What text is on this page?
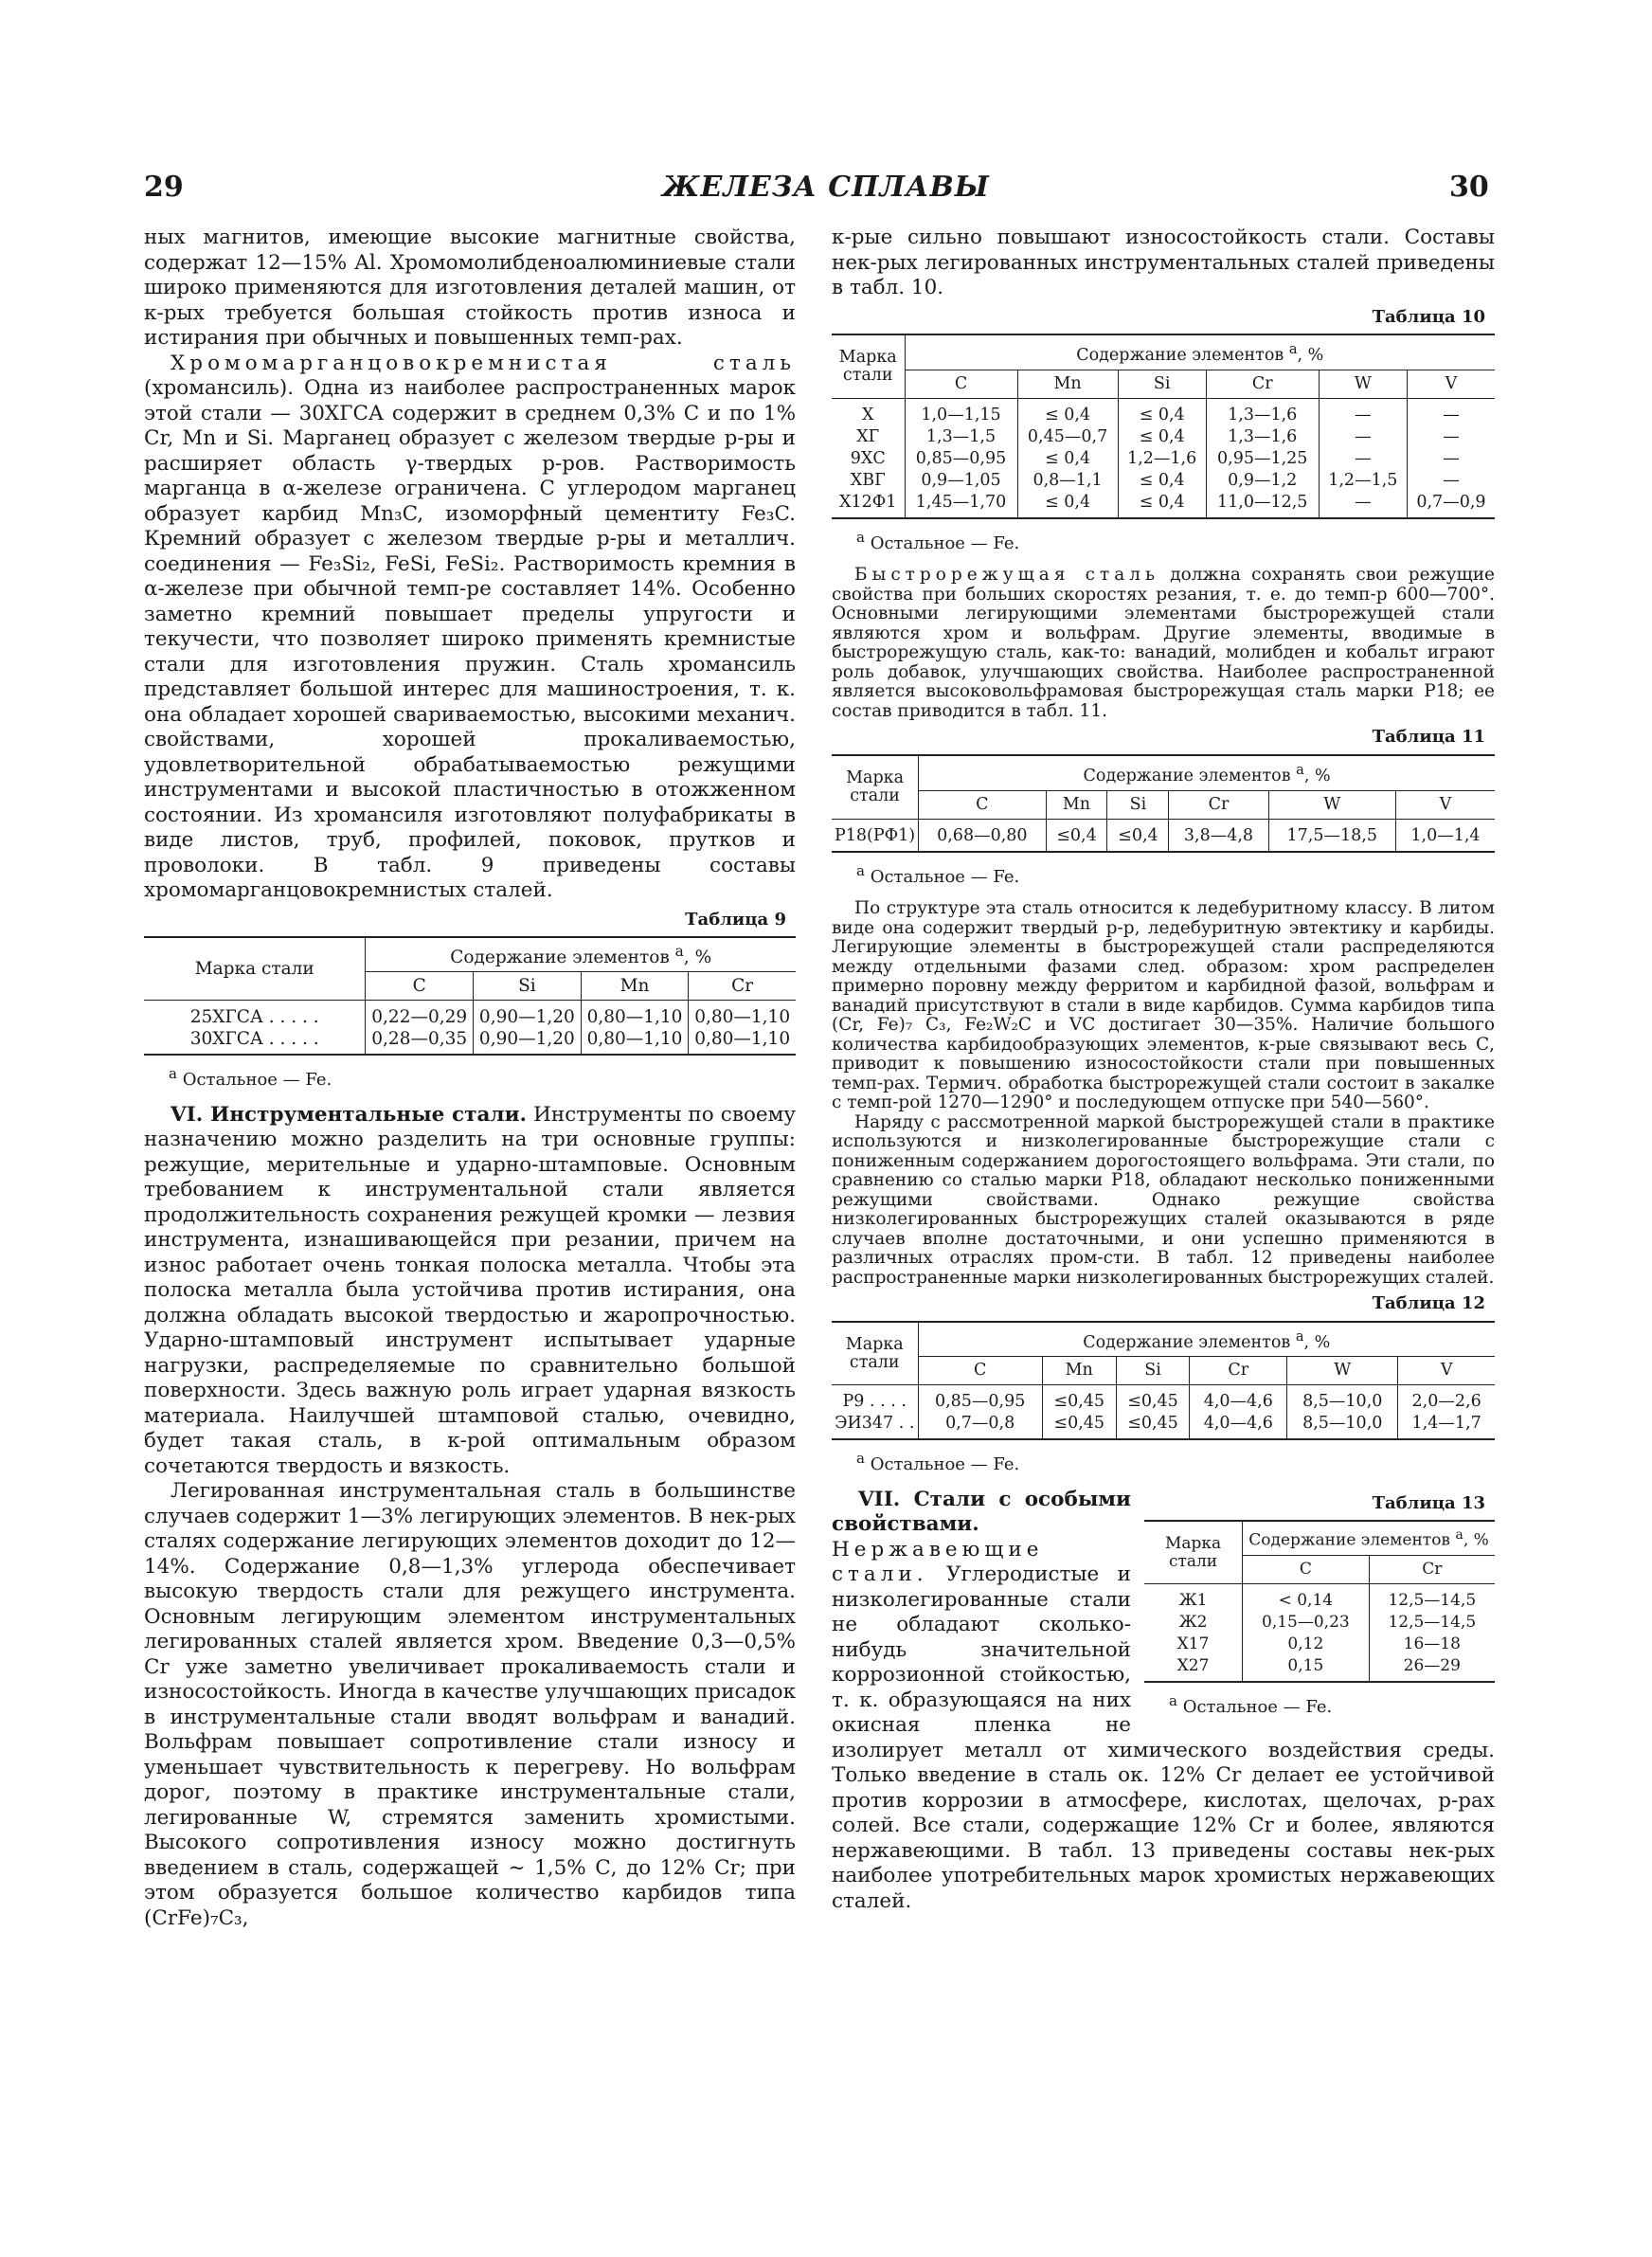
29	ЖЕЛЕЗА СПЛАВЫ	30

ных магнитов, имеющие высокие магнитные свойства, содержат 12—15% Al. Хромомолибденоалюминиевые стали широко применяются для изготовления деталей машин, от к-рых требуется большая стойкость против износа и истирания при обычных и повышенных темп-рах.

Хромомарганцовокремнистая сталь (хромансиль). Одна из наиболее распространенных марок этой стали — 30ХГСА содержит в среднем 0,3% С и по 1% Cr, Mn и Si. Марганец образует с железом твердые р-ры и расширяет область γ-твердых р-ров. Растворимость марганца в α-железе ограничена. С углеродом марганец образует карбид Mn₃C, изоморфный цементиту Fe₃C. Кремний образует с железом твердые р-ры и металлич. соединения — Fe₃Si₂, FeSi, FeSi₂. Растворимость кремния в α-железе при обычной темп-ре составляет 14%. Особенно заметно кремний повышает пределы упругости и текучести, что позволяет широко применять кремнистые стали для изготовления пружин. Сталь хромансиль представляет большой интерес для машиностроения, т. к. она обладает хорошей свариваемостью, высокими механич. свойствами, хорошей прокаливаемостью, удовлетворительной обрабатываемостью режущими инструментами и высокой пластичностью в отожженном состоянии. Из хромансиля изготовляют полуфабрикаты в виде листов, труб, профилей, поковок, прутков и проволоки. В табл. 9 приведены составы хромомарганцовокремнистых сталей.

Таблица 9
Марка стали	Содержание элементов $^а$, %			
	C	Si	Mn	Cr

25ХГСА . . . . .	0,22—0,29	0,90—1,20	0,80—1,10	0,80—1,10
30ХГСА . . . . .	0,28—0,35	0,90—1,20	0,80—1,10	0,80—1,10
$^а$ Остальное — Fe.

VI. Инструментальные стали. Инструменты по своему назначению можно разделить на три основные группы: режущие, мерительные и ударно-штамповые. Основным требованием к инструментальной стали является продолжительность сохранения режущей кромки — лезвия инструмента, изнашивающейся при резании, причем на износ работает очень тонкая полоска металла. Чтобы эта полоска металла была устойчива против истирания, она должна обладать высокой твердостью и жаропрочностью. Ударно-штамповый инструмент испытывает ударные нагрузки, распределяемые по сравнительно большой поверхности. Здесь важную роль играет ударная вязкость материала. Наилучшей штамповой сталью, очевидно, будет такая сталь, в к-рой оптимальным образом сочетаются твердость и вязкость.

Легированная инструментальная сталь в большинстве случаев содержит 1—3% легирующих элементов. В нек-рых сталях содержание легирующих элементов доходит до 12—14%. Содержание 0,8—1,3% углерода обеспечивает высокую твердость стали для режущего инструмента. Основным легирующим элементом инструментальных легированных сталей является хром. Введение 0,3—0,5% Cr уже заметно увеличивает прокаливаемость стали и износостойкость. Иногда в качестве улучшающих присадок в инструментальные стали вводят вольфрам и ванадий. Вольфрам повышает сопротивление стали износу и уменьшает чувствительность к перегреву. Но вольфрам дорог, поэтому в практике инструментальные стали, легированные W, стремятся заменить хромистыми. Высокого сопротивления износу можно достигнуть введением в сталь, содержащей ~ 1,5% С, до 12% Cr; при этом образуется большое количество карбидов типа (CrFe)₇C₃,

к-рые сильно повышают износостойкость стали. Составы нек-рых легированных инструментальных сталей приведены в табл. 10.

Таблица 10
Марка стали	Содержание элементов $^а$, %					
	C	Mn	Si	Cr	W	V

Х	1,0—1,15	≤ 0,4	≤ 0,4	1,3—1,6	—	—
ХГ	1,3—1,5	0,45—0,7	≤ 0,4	1,3—1,6	—	—
9ХС	0,85—0,95	≤ 0,4	1,2—1,6	0,95—1,25	—	—
ХВГ	0,9—1,05	0,8—1,1	≤ 0,4	0,9—1,2	1,2—1,5	—
Х12Ф1	1,45—1,70	≤ 0,4	≤ 0,4	11,0—12,5	—	0,7—0,9
$^а$ Остальное — Fe.

Быстрорежущая сталь должна сохранять свои режущие свойства при больших скоростях резания, т. е. до темп-р 600—700°. Основными легирующими элементами быстрорежущей стали являются хром и вольфрам. Другие элементы, вводимые в быстрорежущую сталь, как-то: ванадий, молибден и кобальт играют роль добавок, улучшающих свойства. Наиболее распространенной является высоковольфрамовая быстрорежущая сталь марки Р18; ее состав приводится в табл. 11.

Таблица 11
Марка стали	Содержание элементов $^а$, %					
	C	Mn	Si	Cr	W	V

Р18(РФ1)	0,68—0,80	≤0,4	≤0,4	3,8—4,8	17,5—18,5	1,0—1,4
$^а$ Остальное — Fe.

По структуре эта сталь относится к ледебуритному классу. В литом виде она содержит твердый р-р, ледебуритную эвтектику и карбиды. Легирующие элементы в быстрорежущей стали распределяются между отдельными фазами след. образом: хром распределен примерно поровну между ферритом и карбидной фазой, вольфрам и ванадий присутствуют в стали в виде карбидов. Сумма карбидов типа (Cr, Fe)₇ C₃, Fe₂W₂C и VC достигает 30—35%. Наличие большого количества карбидообразующих элементов, к-рые связывают весь С, приводит к повышению износостойкости стали при повышенных темп-рах. Термич. обработка быстрорежущей стали состоит в закалке с темп-рой 1270—1290° и последующем отпуске при 540—560°.

Наряду с рассмотренной маркой быстрорежущей стали в практике используются и низколегированные быстрорежущие стали с пониженным содержанием дорогостоящего вольфрама. Эти стали, по сравнению со сталью марки Р18, обладают несколько пониженными режущими свойствами. Однако режущие свойства низколегированных быстрорежущих сталей оказываются в ряде случаев вполне достаточными, и они успешно применяются в различных отраслях пром-сти. В табл. 12 приведены наиболее распространенные марки низколегированных быстрорежущих сталей.

Таблица 12
Марка стали	Содержание элементов $^а$, %					
	C	Mn	Si	Cr	W	V

Р9 . . . .	0,85—0,95	≤0,45	≤0,45	4,0—4,6	8,5—10,0	2,0—2,6
ЭИ347 . .	0,7—0,8	≤0,45	≤0,45	4,0—4,6	8,5—10,0	1,4—1,7
$^а$ Остальное — Fe.
Таблица 13
Марка стали	Содержание элементов $^а$, %	
	C	Cr

Ж1	< 0,14	12,5—14,5
Ж2	0,15—0,23	12,5—14,5
Х17	0,12	16—18
Х27	0,15	26—29
$^а$ Остальное — Fe.

VII. Стали с особыми свойствами. Нержавеющие стали. Углеродистые и низколегированные стали не обладают сколько-нибудь значительной коррозионной стойкостью, т. к. образующаяся на них окисная пленка не изолирует металл от химического воздействия среды. Только введение в сталь ок. 12% Cr делает ее устойчивой против коррозии в атмосфере, кислотах, щелочах, р-рах солей. Все стали, содержащие 12% Cr и более, являются нержавеющими. В табл. 13 приведены составы нек-рых наиболее употребительных марок хромистых нержавеющих сталей.
